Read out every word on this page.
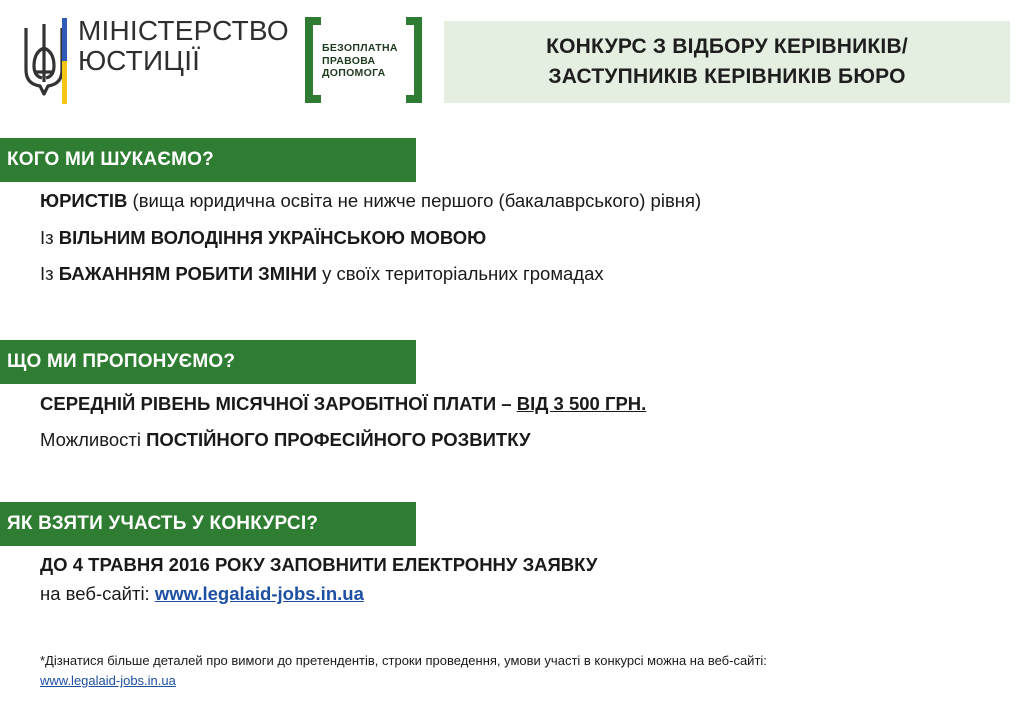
МІНІСТЕРСТВО
ЮСТИЦІЇ	БЕЗОПЛАТНА
ПРАВОВА
ДОПОМОГА
КОНКУРС З ВІДБОРУ КЕРІВНИКІВ/
ЗАСТУПНИКІВ КЕРІВНИКІВ БЮРО
КОГО МИ ШУКАЄМО?
ЮРИСТІВ (вища юридична освіта не нижче першого (бакалаврського) рівня)
Із ВІЛЬНИМ ВОЛОДІННЯ УКРАЇНСЬКОЮ МОВОЮ
Із БАЖАННЯМ РОБИТИ ЗМІНИ у своїх територіальних громадах
ЩО МИ ПРОПОНУЄМО?
СЕРЕДНІЙ РІВЕНЬ МІСЯЧНОЇ ЗАРОБІТНОЇ ПЛАТИ – ВІД 3 500 ГРН.
Можливості ПОСТІЙНОГО ПРОФЕСІЙНОГО РОЗВИТКУ
ЯК ВЗЯТИ УЧАСТЬ У КОНКУРСІ?
ДО 4 ТРАВНЯ 2016 РОКУ ЗАПОВНИТИ ЕЛЕКТРОННУ ЗАЯВКУ
на веб-сайті: www.legalaid-jobs.in.ua
*Дізнатися більше деталей про вимоги до претендентів, строки проведення, умови участі в конкурсі можна на веб-сайті:
www.legalaid-jobs.in.ua
